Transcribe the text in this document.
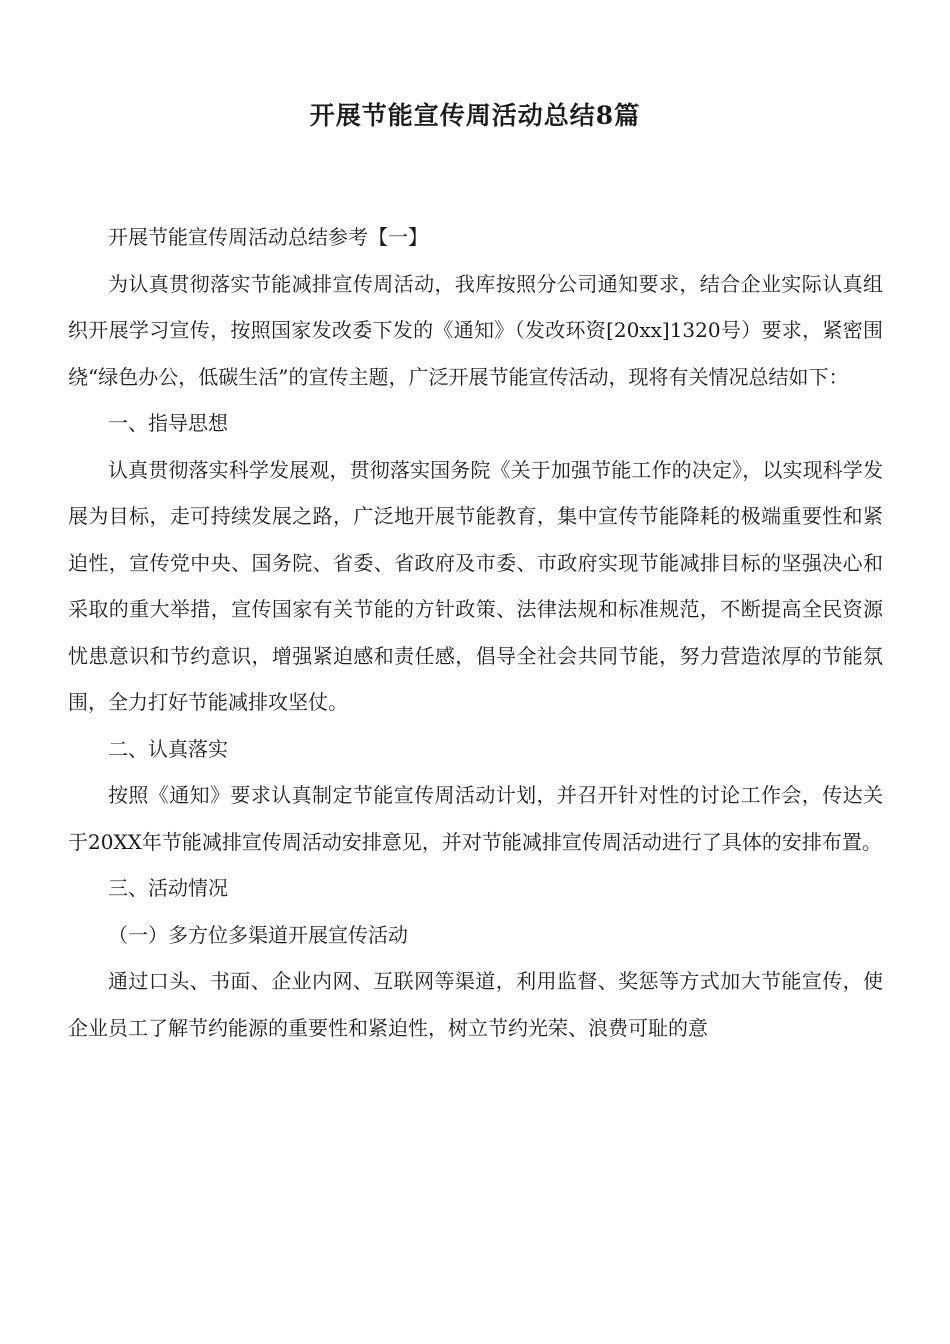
开展节能宣传周活动总结8篇

开展节能宣传周活动总结参考【一】

为认真贯彻落实节能减排宣传周活动，我库按照分公司通知要求，结合企业实际认真组织开展学习宣传，按照国家发改委下发的《通知》（发改环资[20xx]1320号）要求，紧密围绕“绿色办公，低碳生活”的宣传主题，广泛开展节能宣传活动，现将有关情况总结如下：

一、指导思想

认真贯彻落实科学发展观，贯彻落实国务院《关于加强节能工作的决定》，以实现科学发展为目标，走可持续发展之路，广泛地开展节能教育，集中宣传节能降耗的极端重要性和紧迫性，宣传党中央、国务院、省委、省政府及市委、市政府实现节能减排目标的坚强决心和采取的重大举措，宣传国家有关节能的方针政策、法律法规和标准规范，不断提高全民资源忧患意识和节约意识，增强紧迫感和责任感，倡导全社会共同节能，努力营造浓厚的节能氛围，全力打好节能减排攻坚仗。

二、认真落实

按照《通知》要求认真制定节能宣传周活动计划，并召开针对性的讨论工作会，传达关于20XX年节能减排宣传周活动安排意见，并对节能减排宣传周活动进行了具体的安排布置。

三、活动情况

（一）多方位多渠道开展宣传活动

通过口头、书面、企业内网、互联网等渠道，利用监督、奖惩等方式加大节能宣传，使企业员工了解节约能源的重要性和紧迫性，树立节约光荣、浪费可耻的意
